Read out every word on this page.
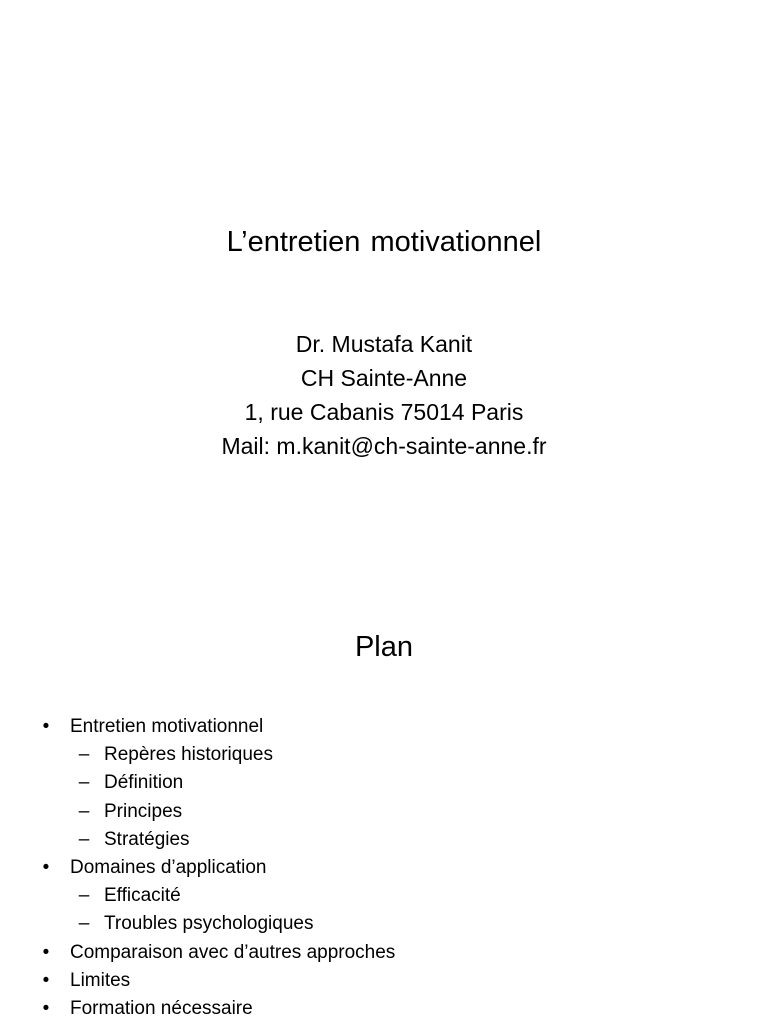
L’entretien motivationnel
Dr. Mustafa Kanit
CH Sainte-Anne
1, rue Cabanis 75014 Paris
Mail: m.kanit@ch-sainte-anne.fr
Plan
• Entretien motivationnel
– Repères historiques
– Définition
– Principes
– Stratégies
• Domaines d’application
– Efficacité
– Troubles psychologiques
• Comparaison avec d’autres approches
• Limites
• Formation nécessaire
